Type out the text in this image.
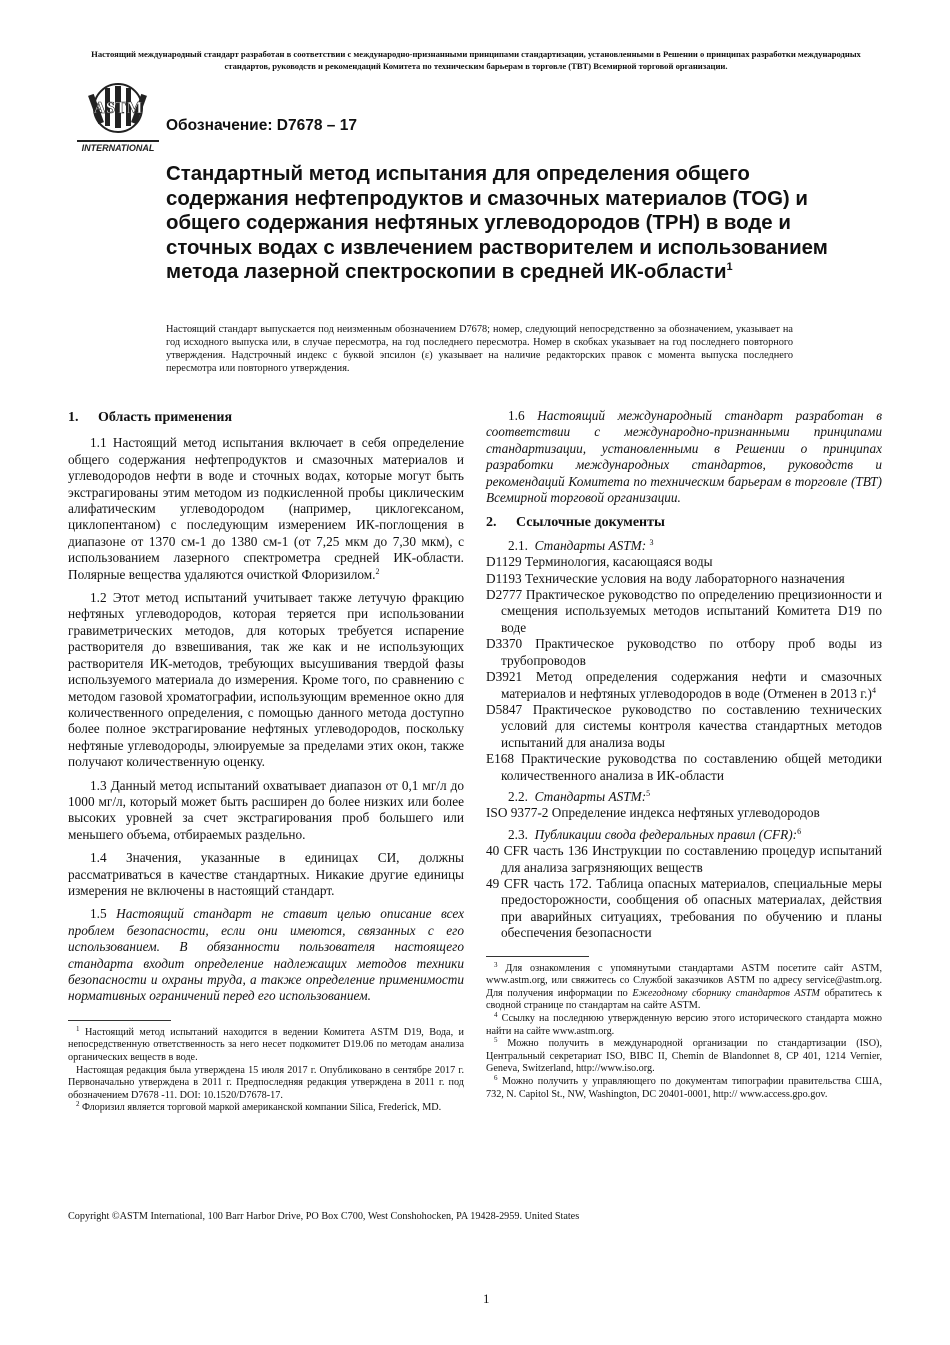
Настоящий международный стандарт разработан в соответствии с международно-признанными принципами стандартизации, установленными в Решении о принципах разработки международных стандартов, руководств и рекомендаций Комитета по техническим барьерам в торговле (ТВТ) Всемирной торговой организации.
ASTM
INTERNATIONAL
Обозначение: D7678 – 17
Стандартный метод испытания для определения общего содержания нефтепродуктов и смазочных материалов (TOG) и общего содержания нефтяных углеводородов (TPH) в воде и сточных водах с извлечением растворителем и использованием метода лазерной спектроскопии в средней ИК-области$^1$

Настоящий стандарт выпускается под неизменным обозначением D7678; номер, следующий непосредственно за обозначением, указывает на год исходного выпуска или, в случае пересмотра, на год последнего пересмотра. Номер в скобках указывает на год последнего повторного утверждения. Надстрочный индекс с буквой эпсилон (ε) указывает на наличие редакторских правок с момента выпуска последнего пересмотра или повторного утверждения.

1. Область применения

1.1 Настоящий метод испытания включает в себя определение общего содержания нефтепродуктов и смазочных материалов и углеводородов нефти в воде и сточных водах, которые могут быть экстрагированы этим методом из подкисленной пробы циклическим алифатическим углеводородом (например, циклогексаном, циклопентаном) с последующим измерением ИК-поглощения в диапазоне от 1370 см-1 до 1380 см-1 (от 7,25 мкм до 7,30 мкм), с использованием лазерного спектрометра средней ИК-области. Полярные вещества удаляются очисткой Флоризилом.$^2$

1.2 Этот метод испытаний учитывает также летучую фракцию нефтяных углеводородов, которая теряется при использовании гравиметрических методов, для которых требуется испарение растворителя до взвешивания, так же как и не использующих растворителя ИК-методов, требующих высушивания твердой фазы используемого материала до измерения. Кроме того, по сравнению с методом газовой хроматографии, использующим временное окно для количественного определения, с помощью данного метода доступно более полное экстрагирование нефтяных углеводородов, поскольку нефтяные углеводороды, элюируемые за пределами этих окон, также получают количественную оценку.

1.3 Данный метод испытаний охватывает диапазон от 0,1 мг/л до 1000 мг/л, который может быть расширен до более низких или более высоких уровней за счет экстрагирования проб большего или меньшего объема, отбираемых раздельно.

1.4 Значения, указанные в единицах СИ, должны рассматриваться в качестве стандартных. Никакие другие единицы измерения не включены в настоящий стандарт.

1.5 Настоящий стандарт не ставит целью описание всех проблем безопасности, если они имеются, связанных с его использованием. В обязанности пользователя настоящего стандарта входит определение надлежащих методов техники безопасности и охраны труда, а также определение применимости нормативных ограничений перед его использованием.

$^1$ Настоящий метод испытаний находится в ведении Комитета ASTM D19, Вода, и непосредственную ответственность за него несет подкомитет D19.06 по методам анализа органических веществ в воде.

Настоящая редакция была утверждена 15 июля 2017 г. Опубликовано в сентябре 2017 г. Первоначально утверждена в 2011 г. Предпоследняя редакция утверждена в 2011 г. под обозначением D7678 -11. DOI: 10.1520/D7678-17.

$^2$ Флоризил является торговой маркой американской компании Silica, Frederick, MD.

1.6 Настоящий международный стандарт разработан в соответствии с международно-признанными принципами стандартизации, установленными в Решении о принципах разработки международных стандартов, руководств и рекомендаций Комитета по техническим барьерам в торговле (ТВТ) Всемирной торговой организации.

2. Ссылочные документы

2.1. Стандарты ASTM: $^3$

D1129 Терминология, касающаяся воды

D1193 Технические условия на воду лабораторного назначения

D2777 Практическое руководство по определению прецизионности и смещения используемых методов испытаний Комитета D19 по воде

D3370 Практическое руководство по отбору проб воды из трубопроводов

D3921 Метод определения содержания нефти и смазочных материалов и нефтяных углеводородов в воде (Отменен в 2013 г.)$^4$

D5847 Практическое руководство по составлению технических условий для системы контроля качества стандартных методов испытаний для анализа воды

E168 Практические руководства по составлению общей методики количественного анализа в ИК-области

2.2. Стандарты ASTM:$^5$

ISO 9377-2 Определение индекса нефтяных углеводородов

2.3. Публикации свода федеральных правил (CFR):$^6$

40 CFR часть 136 Инструкции по составлению процедур испытаний для анализа загрязняющих веществ

49 CFR часть 172. Таблица опасных материалов, специальные меры предосторожности, сообщения об опасных материалах, действия при аварийных ситуациях, требования по обучению и планы обеспечения безопасности

$^3$ Для ознакомления с упомянутыми стандартами ASTM посетите сайт ASTM, www.astm.org, или свяжитесь со Службой заказчиков ASTM по адресу service@astm.org. Для получения информации по Ежегодному сборнику стандартов ASTM обратитесь к сводной странице по стандартам на сайте ASTM.

$^4$ Ссылку на последнюю утвержденную версию этого исторического стандарта можно найти на сайте www.astm.org.

$^5$ Можно получить в международной организации по стандартизации (ISO), Центральный секретариат ISO, BIBC II, Chemin de Blandonnet 8, CP 401, 1214 Vernier, Geneva, Switzerland, http://www.iso.org.

$^6$ Можно получить у управляющего по документам типографии правительства США, 732, N. Capitol St., NW, Washington, DC 20401-0001, http:// www.access.gpo.gov.

Copyright ©ASTM International, 100 Barr Harbor Drive, PO Box C700, West Conshohocken, PA 19428-2959. United States
1
